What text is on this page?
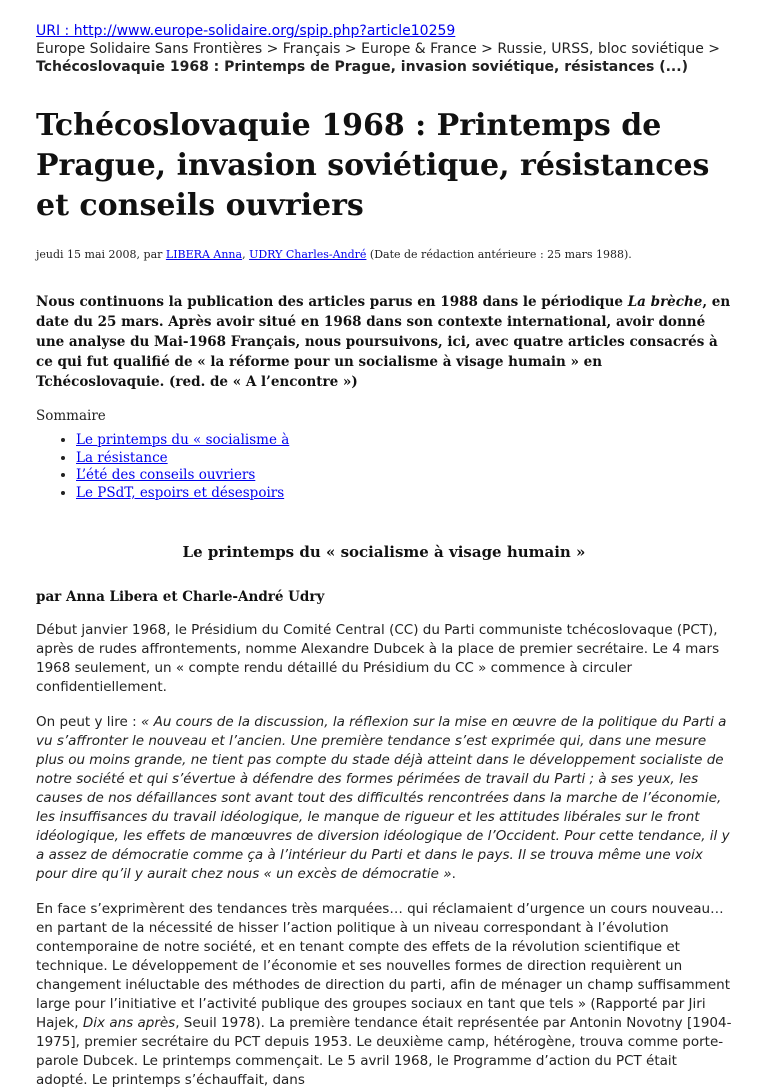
URI : http://www.europe-solidaire.org/spip.php?article10259
Europe Solidaire Sans Frontières > Français > Europe & France > Russie, URSS, bloc soviétique >
Tchécoslovaquie 1968 : Printemps de Prague, invasion soviétique, résistances (...)
Tchécoslovaquie 1968 : Printemps de Prague, invasion soviétique, résistances et conseils ouvriers
jeudi 15 mai 2008, par LIBERA Anna, UDRY Charles-André (Date de rédaction antérieure : 25 mars 1988).
Nous continuons la publication des articles parus en 1988 dans le périodique La brèche, en date du 25 mars. Après avoir situé en 1968 dans son contexte international, avoir donné une analyse du Mai-1968 Français, nous poursuivons, ici, avec quatre articles consacrés à ce qui fut qualifié de « la réforme pour un socialisme à visage humain » en Tchécoslovaquie. (red. de « A l’encontre »)
Sommaire
• Le printemps du « socialisme à
• La résistance
• L’été des conseils ouvriers
• Le PSdT, espoirs et désespoirs
Le printemps du « socialisme à visage humain »
par Anna Libera et Charle-André Udry

Début janvier 1968, le Présidium du Comité Central (CC) du Parti communiste tchécoslovaque (PCT), après de rudes affrontements, nomme Alexandre Dubcek à la place de premier secrétaire. Le 4 mars 1968 seulement, un « compte rendu détaillé du Présidium du CC » commence à circuler confidentiellement.

On peut y lire : « Au cours de la discussion, la réflexion sur la mise en œuvre de la politique du Parti a vu s’affronter le nouveau et l’ancien. Une première tendance s’est exprimée qui, dans une mesure plus ou moins grande, ne tient pas compte du stade déjà atteint dans le développement socialiste de notre société et qui s’évertue à défendre des formes périmées de travail du Parti ; à ses yeux, les causes de nos défaillances sont avant tout des difficultés rencontrées dans la marche de l’économie, les insuffisances du travail idéologique, le manque de rigueur et les attitudes libérales sur le front idéologique, les effets de manœuvres de diversion idéologique de l’Occident. Pour cette tendance, il y a assez de démocratie comme ça à l’intérieur du Parti et dans le pays. Il se trouva même une voix pour dire qu’il y aurait chez nous « un excès de démocratie ».

En face s’exprimèrent des tendances très marquées… qui réclamaient d’urgence un cours nouveau… en partant de la nécessité de hisser l’action politique à un niveau correspondant à l’évolution contemporaine de notre société, et en tenant compte des effets de la révolution scientifique et technique. Le développement de l’économie et ses nouvelles formes de direction requièrent un changement inéluctable des méthodes de direction du parti, afin de ménager un champ suffisamment large pour l’initiative et l’activité publique des groupes sociaux en tant que tels » (Rapporté par Jiri Hajek, Dix ans après, Seuil 1978). La première tendance était représentée par Antonin Novotny [1904-1975], premier secrétaire du PCT depuis 1953. Le deuxième camp, hétérogène, trouva comme porte-parole Dubcek. Le printemps commençait. Le 5 avril 1968, le Programme d’action du PCT était adopté. Le printemps s’échauffait, dans
